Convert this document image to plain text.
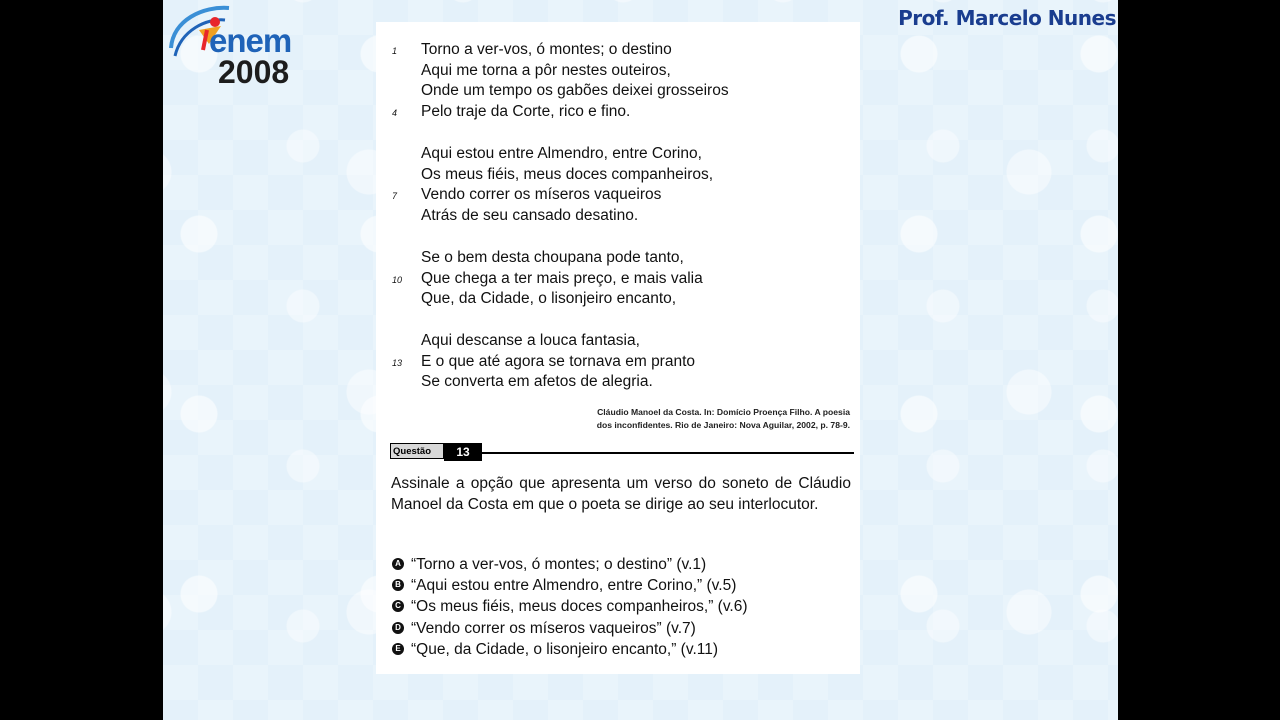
enem
2008
Prof. Marcelo Nunes
1 Torno a ver-vos, ó montes; o destino
Aqui me torna a pôr nestes outeiros,
Onde um tempo os gabões deixei grosseiros
4 Pelo traje da Corte, rico e fino.
Aqui estou entre Almendro, entre Corino,
Os meus fiéis, meus doces companheiros,
7 Vendo correr os míseros vaqueiros
Atrás de seu cansado desatino.
Se o bem desta choupana pode tanto,
10 Que chega a ter mais preço, e mais valia
Que, da Cidade, o lisonjeiro encanto,
Aqui descanse a louca fantasia,
13 E o que até agora se tornava em pranto
Se converta em afetos de alegria.
Cláudio Manoel da Costa. In: Domício Proença Filho. A poesia
dos inconfidentes. Rio de Janeiro: Nova Aguilar, 2002, p. 78-9.
Questão	13
Assinale a opção que apresenta um verso do soneto de Cláudio Manoel da Costa em que o poeta se dirige ao seu interlocutor.
A “Torno a ver-vos, ó montes; o destino” (v.1)
B “Aqui estou entre Almendro, entre Corino,” (v.5)
C “Os meus fiéis, meus doces companheiros,” (v.6)
D “Vendo correr os míseros vaqueiros” (v.7)
E “Que, da Cidade, o lisonjeiro encanto,” (v.11)
